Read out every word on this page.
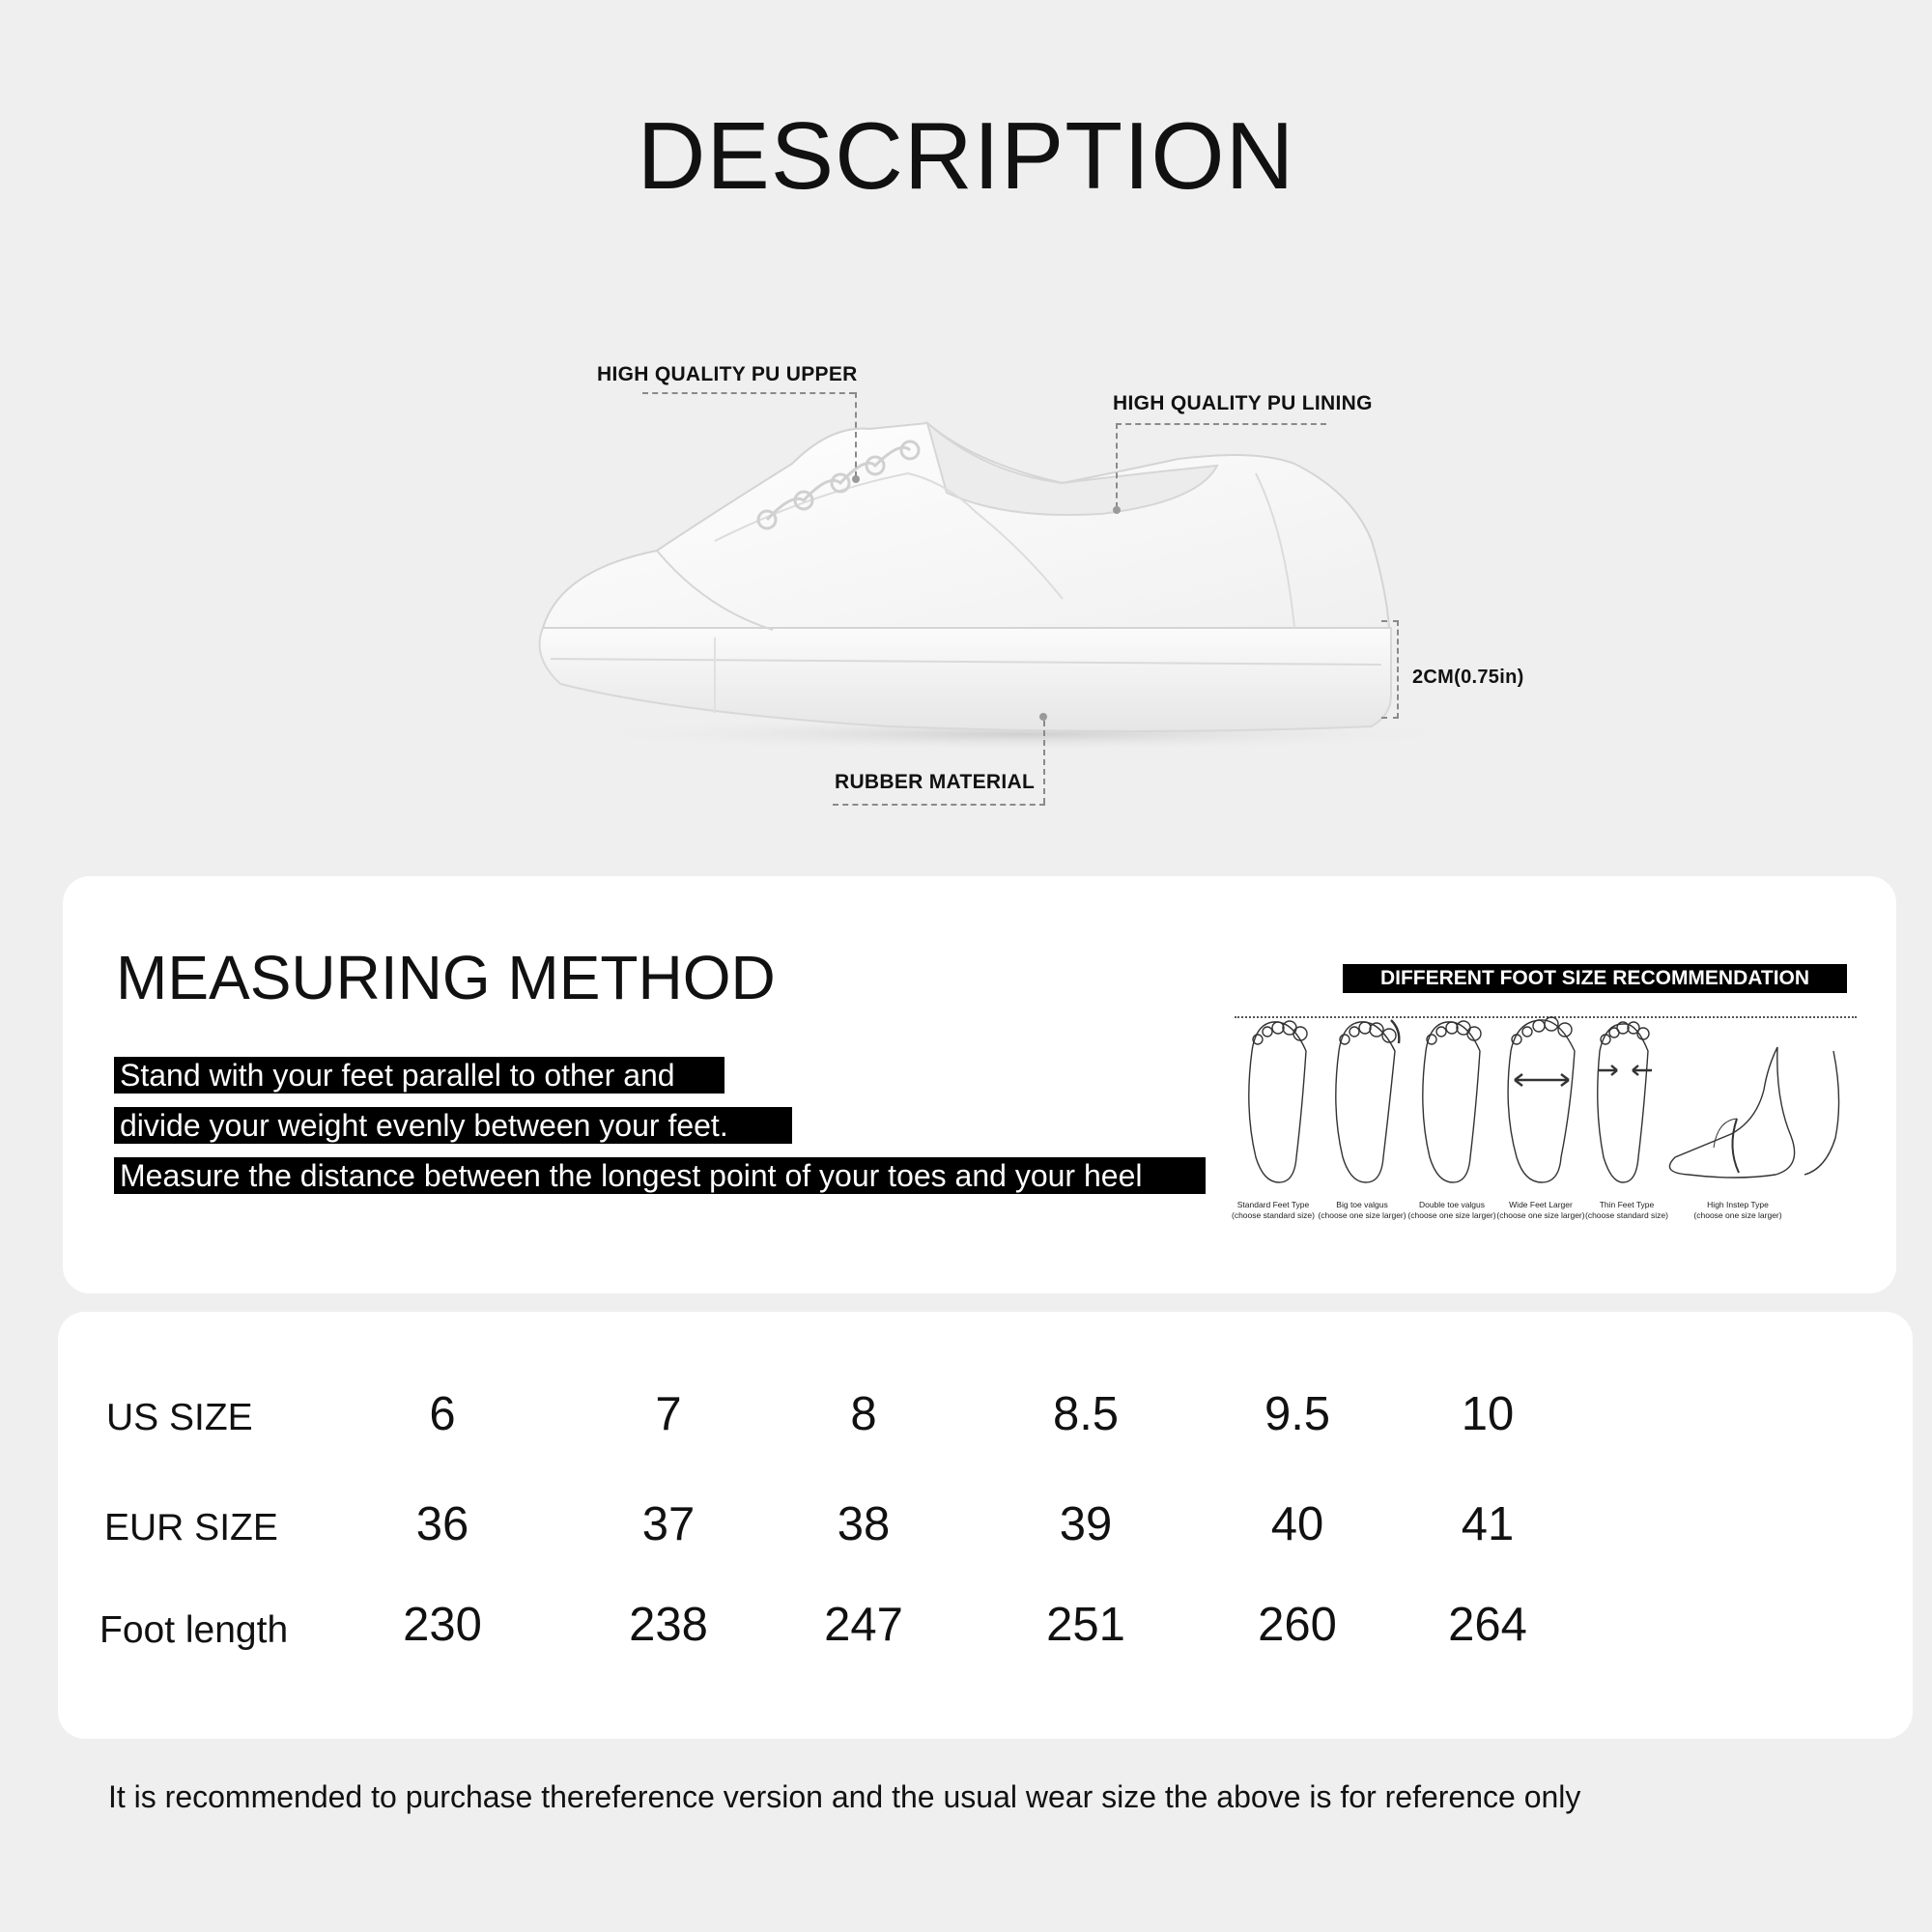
DESCRIPTION
HIGH QUALITY PU UPPER
HIGH QUALITY PU LINING
2CM(0.75in)
RUBBER MATERIAL
MEASURING METHOD
Stand with your feet parallel to other and
divide your weight evenly between your feet.
Measure the distance between the longest point of your toes and your heel
DIFFERENT FOOT SIZE RECOMMENDATION
Standard Feet Type
(choose standard size)
Big toe valgus
(choose one size larger)
Double toe valgus
(choose one size larger)
Wide Feet Larger
(choose one size larger)
Thin Feet Type
(choose standard size)
High Instep Type
(choose one size larger)
US SIZE	6	7	8	8.5	9.5	10
EUR SIZE	36	37	38	39	40	41
Foot length	230	238	247	251	260	264
It is recommended to purchase thereference version and the usual wear size the above is for reference only
